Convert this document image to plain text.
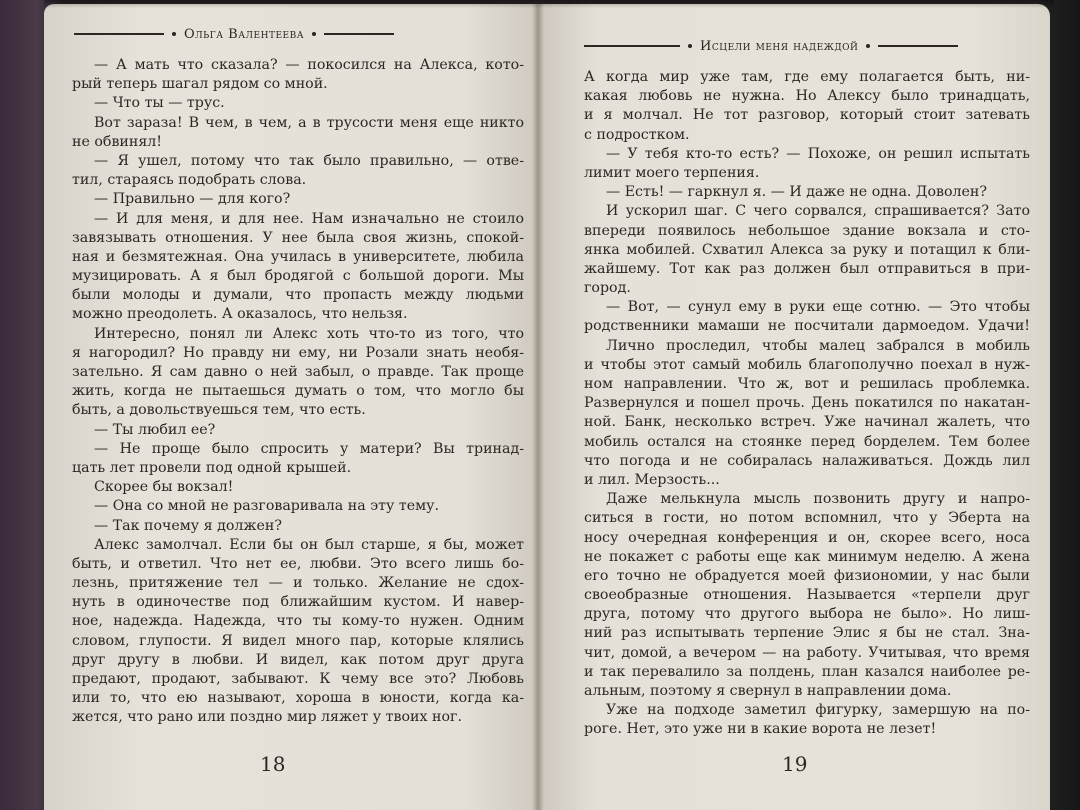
Ольга Валентеева
— А мать что сказала? — покосился на Алекса, кото-
рый теперь шагал рядом со мной.
— Что ты — трус.
Вот зараза! В чем, в чем, а в трусости меня еще никто
не обвинял!
— Я ушел, потому что так было правильно, — отве-
тил, стараясь подобрать слова.
— Правильно — для кого?
— И для меня, и для нее. Нам изначально не стоило
завязывать отношения. У нее была своя жизнь, спокой-
ная и безмятежная. Она училась в университете, любила
музицировать. А я был бродягой с большой дороги. Мы
были молоды и думали, что пропасть между людьми
можно преодолеть. А оказалось, что нельзя.
Интересно, понял ли Алекс хоть что-то из того, что
я нагородил? Но правду ни ему, ни Розали знать необя-
зательно. Я сам давно о ней забыл, о правде. Так проще
жить, когда не пытаешься думать о том, что могло бы
быть, а довольствуешься тем, что есть.
— Ты любил ее?
— Не проще было спросить у матери? Вы тринад-
цать лет провели под одной крышей.
Скорее бы вокзал!
— Она со мной не разговаривала на эту тему.
— Так почему я должен?
Алекс замолчал. Если бы он был старше, я бы, может
быть, и ответил. Что нет ее, любви. Это всего лишь бо-
лезнь, притяжение тел — и только. Желание не сдох-
нуть в одиночестве под ближайшим кустом. И навер-
ное, надежда. Надежда, что ты кому-то нужен. Одним
словом, глупости. Я видел много пар, которые клялись
друг другу в любви. И видел, как потом друг друга
предают, продают, забывают. К чему все это? Любовь
или то, что ею называют, хороша в юности, когда ка-
жется, что рано или поздно мир ляжет у твоих ног.
18
Исцели меня надеждой
А когда мир уже там, где ему полагается быть, ни-
какая любовь не нужна. Но Алексу было тринадцать,
и я молчал. Не тот разговор, который стоит затевать
с подростком.
— У тебя кто-то есть? — Похоже, он решил испытать
лимит моего терпения.
— Есть! — гаркнул я. — И даже не одна. Доволен?
И ускорил шаг. С чего сорвался, спрашивается? Зато
впереди появилось небольшое здание вокзала и сто-
янка мобилей. Схватил Алекса за руку и потащил к бли-
жайшему. Тот как раз должен был отправиться в при-
город.
— Вот, — сунул ему в руки еще сотню. — Это чтобы
родственники мамаши не посчитали дармоедом. Удачи!
Лично проследил, чтобы малец забрался в мобиль
и чтобы этот самый мобиль благополучно поехал в нуж-
ном направлении. Что ж, вот и решилась проблемка.
Развернулся и пошел прочь. День покатился по накатан-
ной. Банк, несколько встреч. Уже начинал жалеть, что
мобиль остался на стоянке перед борделем. Тем более
что погода и не собиралась налаживаться. Дождь лил
и лил. Мерзость...
Даже мелькнула мысль позвонить другу и напро-
ситься в гости, но потом вспомнил, что у Эберта на
носу очередная конференция и он, скорее всего, носа
не покажет с работы еще как минимум неделю. А жена
его точно не обрадуется моей физиономии, у нас были
своеобразные отношения. Называется «терпели друг
друга, потому что другого выбора не было». Но лиш-
ний раз испытывать терпение Элис я бы не стал. Зна-
чит, домой, а вечером — на работу. Учитывая, что время
и так перевалило за полдень, план казался наиболее ре-
альным, поэтому я свернул в направлении дома.
Уже на подходе заметил фигурку, замершую на по-
роге. Нет, это уже ни в какие ворота не лезет!
19
